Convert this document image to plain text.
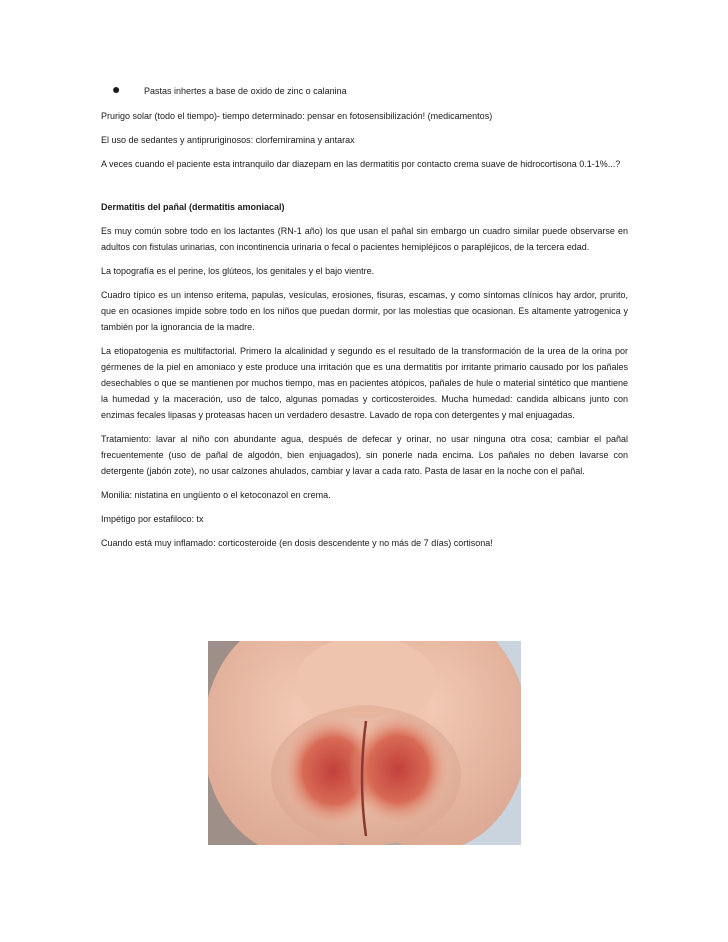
●	Pastas inhertes a base de oxido de zinc o calanina

Prurigo solar (todo el tiempo)- tiempo determinado: pensar en fotosensibilización! (medicamentos)

El uso de sedantes y antipruriginosos: clorferniramina y antarax

A veces cuando el paciente esta intranquilo dar diazepam en las dermatitis por contacto crema suave de hidrocortisona 0.1-1%...?

Dermatitis del pañal (dermatitis amoniacal)

Es muy común sobre todo en los lactantes (RN-1 año) los que usan el pañal sin embargo un cuadro similar puede observarse en adultos con fistulas urinarias, con incontinencia urinaria o fecal o pacientes hemipléjicos o parapléjicos, de la tercera edad.

La topografía es el perine, los glúteos, los genitales y el bajo vientre.

Cuadro típico es un intenso eritema, papulas, vesículas, erosiones, fisuras, escamas, y como síntomas clínicos hay ardor, prurito, que en ocasiones impide sobre todo en los niños que puedan dormir, por las molestias que ocasionan. Es altamente yatrogenica y también por la ignorancia de la madre.

La etiopatogenia es multifactorial. Primero la alcalinidad y segundo es el resultado de la transformación de la urea de la orina por gérmenes de la piel en amoniaco y este produce una irritación que es una dermatitis por irritante primario causado por los pañales desechables o que se mantienen por muchos tiempo, mas en pacientes atópicos, pañales de hule o material sintético que mantiene la humedad y la maceración, uso de talco, algunas pomadas y corticosteroides. Mucha humedad: candida albicans junto con enzimas fecales lipasas y proteasas hacen un verdadero desastre. Lavado de ropa con detergentes y mal enjuagadas.

Tratamiento: lavar al niño con abundante agua, después de defecar y orinar, no usar ninguna otra cosa; cambiar el pañal frecuentemente (uso de pañal de algodón, bien enjuagados), sin ponerle nada encima. Los pañales no deben lavarse con detergente (jabón zote), no usar calzones ahulados, cambiar y lavar a cada rato. Pasta de lasar en la noche con el pañal.

Monilia: nistatina en ungüento o el ketoconazol en crema.

Impétigo por estafiloco: tx

Cuando está muy inflamado: corticosteroide (en dosis descendente y no más de 7 días) cortisona!
